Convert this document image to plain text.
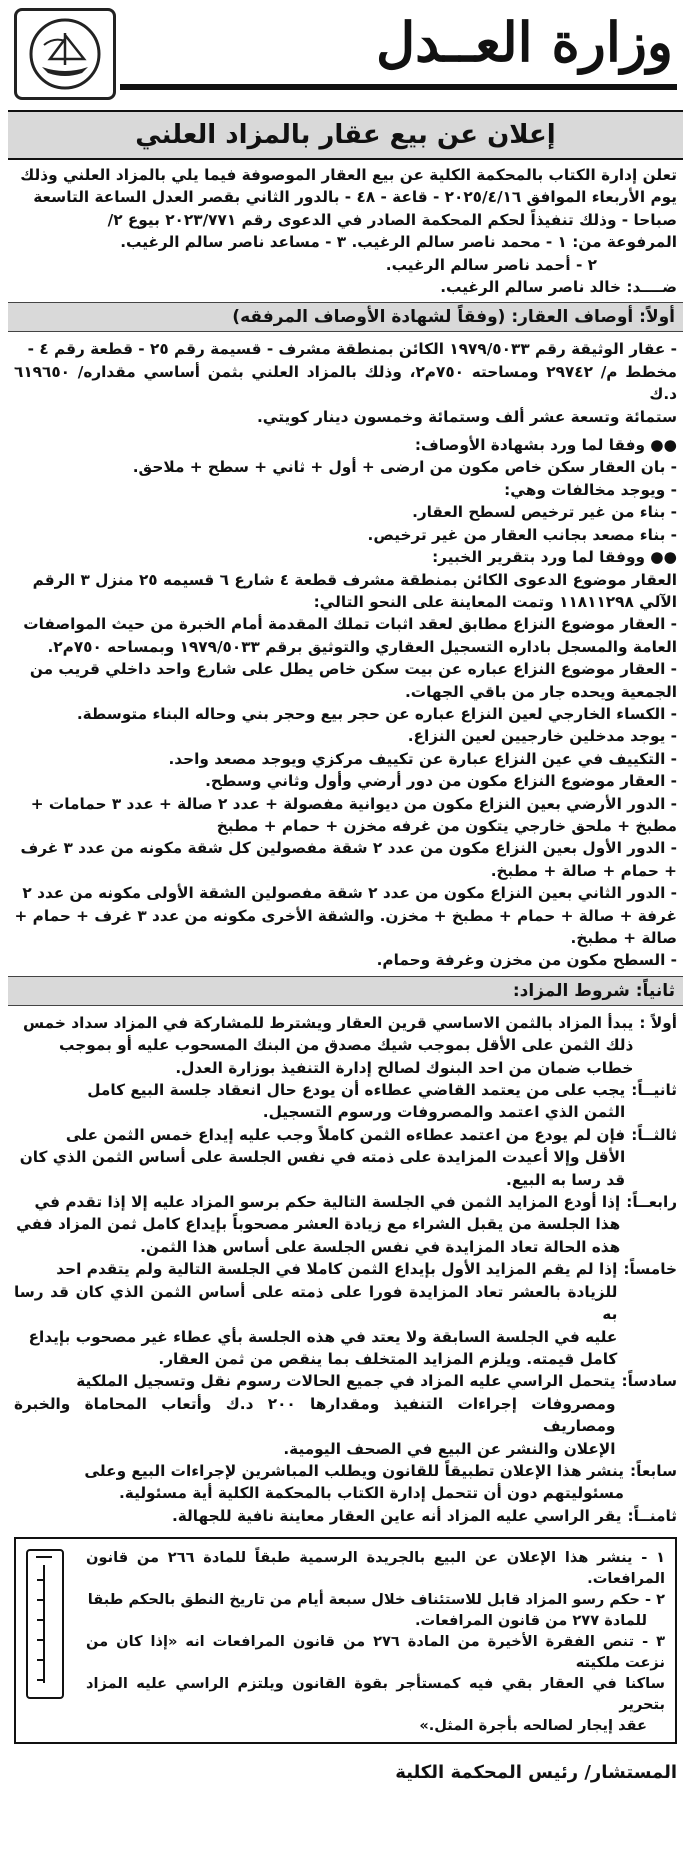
وزارة العــدل
إعلان عن بيع عقار بالمزاد العلني

تعلن إدارة الكتاب بالمحكمة الكلية عن بيع العقار الموصوفة فيما يلي بالمزاد العلني وذلك

يوم الأربعاء الموافق ٢٠٢٥/٤/١٦ - قاعة - ٤٨ - بالدور الثاني بقصر العدل الساعة التاسعة

صباحا - وذلك تنفيذاً لحكم المحكمة الصادر في الدعوى رقم ٢٠٢٣/٧٧١ بيوع ٢/

المرفوعة من: ١ - محمد ناصر سالم الرغيب. ٣ - مساعد ناصر سالم الرغيب.

٢ - أحمد ناصر سالم الرغيب.

ضــــد: خالد ناصر سالم الرغيب.

أولاً: أوصاف العقار: (وفقاً لشهادة الأوصاف المرفقه)

- عقار الوثيقة رقم ١٩٧٩/٥٠٣٣ الكائن بمنطقة مشرف - قسيمة رقم ٢٥ - قطعة رقم ٤ -

مخطط م/ ٢٩٧٤٢ ومساحته ٧٥٠م٢، وذلك بالمزاد العلني بثمن أساسي مقداره/ ٦١٩٦٥٠ د.ك

ستمائة وتسعة عشر ألف وستمائة وخمسون دينار كويتي.

●● وفقا لما ورد بشهادة الأوصاف:

- بان العقار سكن خاص مكون من ارضى + أول + ثاني + سطح + ملاحق.

- ويوجد مخالفات وهي:

- بناء من غير ترخيص لسطح العقار.

- بناء مصعد بجانب العقار من غير ترخيص.

●● ووفقا لما ورد بتقرير الخبير:

العقار موضوع الدعوى الكائن بمنطقة مشرف قطعة ٤ شارع ٦ قسيمه ٢٥ منزل ٣ الرقم

الآلي ١١٨١١٢٩٨ وتمت المعاينة على النحو التالي:

- العقار موضوع النزاع مطابق لعقد اثبات تملك المقدمة أمام الخبرة من حيث المواصفات

العامة والمسجل باداره التسجيل العقاري والتوثيق برقم ١٩٧٩/٥٠٣٣ وبمساحه ٧٥٠م٢.

- العقار موضوع النزاع عباره عن بيت سكن خاص يطل على شارع واحد داخلي قريب من

الجمعية ويحده جار من باقي الجهات.

- الكساء الخارجي لعين النزاع عباره عن حجر بيع وحجر بني وحاله البناء متوسطة.

- يوجد مدخلين خارجيين لعين النزاع.

- التكييف في عين النزاع عبارة عن تكييف مركزي ويوجد مصعد واحد.

- العقار موضوع النزاع مكون من دور أرضي وأول وثاني وسطح.

- الدور الأرضي بعين النزاع مكون من ديوانية مفصولة + عدد ٢ صالة + عدد ٣ حمامات +

مطبخ + ملحق خارجي يتكون من غرفه مخزن + حمام + مطبخ

- الدور الأول بعين النزاع مكون من عدد ٢ شقة مفصولين كل شقة مكونه من عدد ٣ غرف

+ حمام + صالة + مطبخ.

- الدور الثاني بعين النزاع مكون من عدد ٢ شقة مفصولين الشقة الأولى مكونه من عدد ٢

غرفة + صالة + حمام + مطبخ + مخزن. والشقة الأخرى مكونه من عدد ٣ غرف + حمام +

صالة + مطبخ.

- السطح مكون من مخزن وغرفة وحمام.

ثانياً: شروط المزاد:
أولاً :

يبدأ المزاد بالثمن الاساسي قرين العقار ويشترط للمشاركة في المزاد سداد خمس

ذلك الثمن على الأقل بموجب شيك مصدق من البنك المسحوب عليه أو بموجب

خطاب ضمان من احد البنوك لصالح إدارة التنفيذ بوزارة العدل.

ثانيــاً:

يجب على من يعتمد القاضي عطاءه أن يودع حال انعقاد جلسة البيع كامل

الثمن الذي اعتمد والمصروفات ورسوم التسجيل.

ثالثــاً:

فإن لم يودع من اعتمد عطاءه الثمن كاملاً وجب عليه إيداع خمس الثمن على

الأقل وإلا أعيدت المزايدة على ذمته في نفس الجلسة على أساس الثمن الذي كان

قد رسا به البيع.

رابعــاً:

إذا أودع المزايد الثمن في الجلسة التالية حكم برسو المزاد عليه إلا إذا تقدم في

هذا الجلسة من يقبل الشراء مع زيادة العشر مصحوباً بإيداع كامل ثمن المزاد ففي

هذه الحالة تعاد المزايدة في نفس الجلسة على أساس هذا الثمن.

خامساً:

إذا لم يقم المزايد الأول بإيداع الثمن كاملا في الجلسة التالية ولم يتقدم احد

للزيادة بالعشر تعاد المزايدة فورا على ذمته على أساس الثمن الذي كان قد رسا به

عليه في الجلسة السابقة ولا يعتد في هذه الجلسة بأي عطاء غير مصحوب بإيداع

كامل قيمته. ويلزم المزايد المتخلف بما ينقص من ثمن العقار.

سادساً:

يتحمل الراسي عليه المزاد في جميع الحالات رسوم نقل وتسجيل الملكية

ومصروفات إجراءات التنفيذ ومقدارها ٢٠٠ د.ك وأتعاب المحاماة والخبرة ومصاريف

الإعلان والنشر عن البيع في الصحف اليومية.

سابعاً:

ينشر هذا الإعلان تطبيقاً للقانون ويطلب المباشرين لإجراءات البيع وعلى

مسئوليتهم دون أن تتحمل إدارة الكتاب بالمحكمة الكلية أية مسئولية.

ثامنــاً:

يقر الراسي عليه المزاد أنه عاين العقار معاينة نافية للجهالة.

١ - ينشر هذا الإعلان عن البيع بالجريدة الرسمية طبقاً للمادة ٢٦٦ من قانون المرافعات.

٢ - حكم رسو المزاد قابل للاستئناف خلال سبعة أيام من تاريخ النطق بالحكم طبقا

للمادة ٢٧٧ من قانون المرافعات.

٣ - تنص الفقرة الأخيرة من المادة ٢٧٦ من قانون المرافعات انه «إذا كان من نزعت ملكيته

ساكنا في العقار بقي فيه كمستأجر بقوة القانون ويلتزم الراسي عليه المزاد بتحرير

عقد إيجار لصالحه بأجرة المثل.»

المستشار/ رئيس المحكمة الكلية
